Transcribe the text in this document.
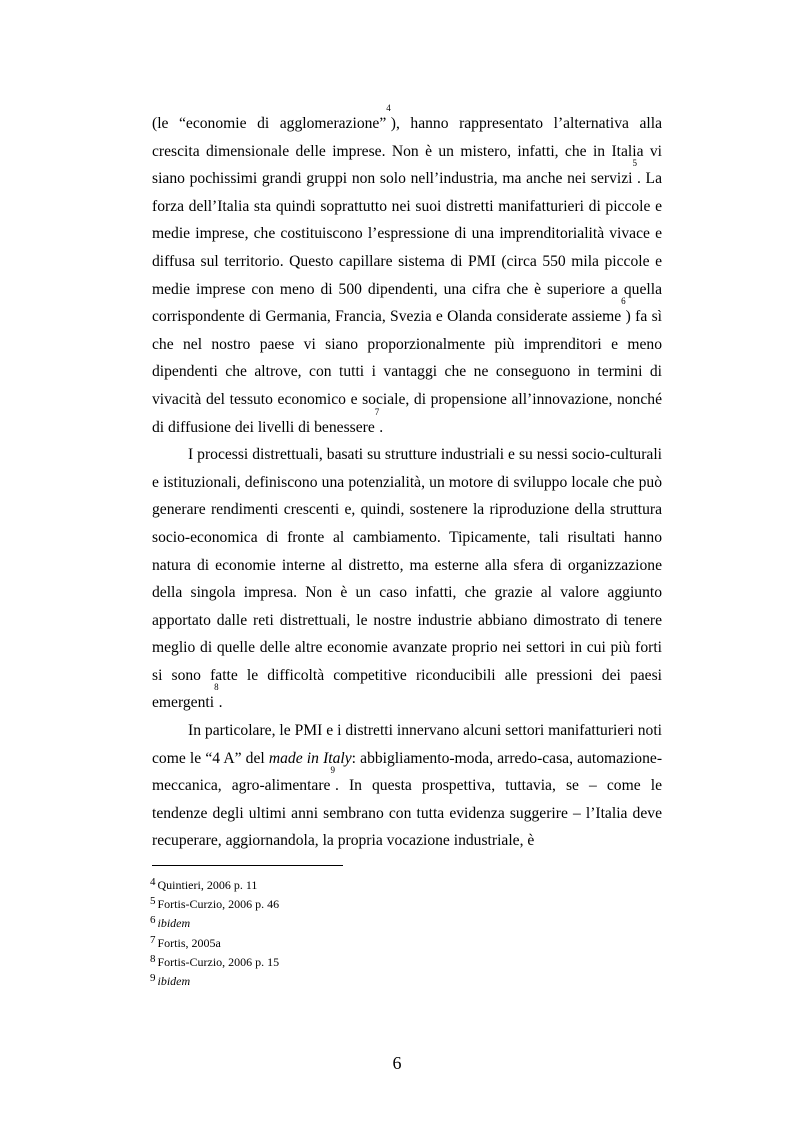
(le “economie di agglomerazione”$^4$), hanno rappresentato l’alternativa alla crescita dimensionale delle imprese. Non è un mistero, infatti, che in Italia vi siano pochissimi grandi gruppi non solo nell’industria, ma anche nei servizi$^5$. La forza dell’Italia sta quindi soprattutto nei suoi distretti manifatturieri di piccole e medie imprese, che costituiscono l’espressione di una imprenditorialità vivace e diffusa sul territorio. Questo capillare sistema di PMI (circa 550 mila piccole e medie imprese con meno di 500 dipendenti, una cifra che è superiore a quella corrispondente di Germania, Francia, Svezia e Olanda considerate assieme$^6$) fa sì che nel nostro paese vi siano proporzionalmente più imprenditori e meno dipendenti che altrove, con tutti i vantaggi che ne conseguono in termini di vivacità del tessuto economico e sociale, di propensione all’innovazione, nonché di diffusione dei livelli di benessere$^7$.

I processi distrettuali, basati su strutture industriali e su nessi socio-culturali e istituzionali, definiscono una potenzialità, un motore di sviluppo locale che può generare rendimenti crescenti e, quindi, sostenere la riproduzione della struttura socio-economica di fronte al cambiamento. Tipicamente, tali risultati hanno natura di economie interne al distretto, ma esterne alla sfera di organizzazione della singola impresa. Non è un caso infatti, che grazie al valore aggiunto apportato dalle reti distrettuali, le nostre industrie abbiano dimostrato di tenere meglio di quelle delle altre economie avanzate proprio nei settori in cui più forti si sono fatte le difficoltà competitive riconducibili alle pressioni dei paesi emergenti$^8$.

In particolare, le PMI e i distretti innervano alcuni settori manifatturieri noti come le “4 A” del made in Italy: abbigliamento-moda, arredo-casa, automazione-meccanica, agro-alimentare$^9$. In questa prospettiva, tuttavia, se – come le tendenze degli ultimi anni sembrano con tutta evidenza suggerire – l’Italia deve recuperare, aggiornandola, la propria vocazione industriale, è

4 Quintieri, 2006 p. 11
5 Fortis-Curzio, 2006 p. 46
6 ibidem
7 Fortis, 2005a
8 Fortis-Curzio, 2006 p. 15
9 ibidem
6
